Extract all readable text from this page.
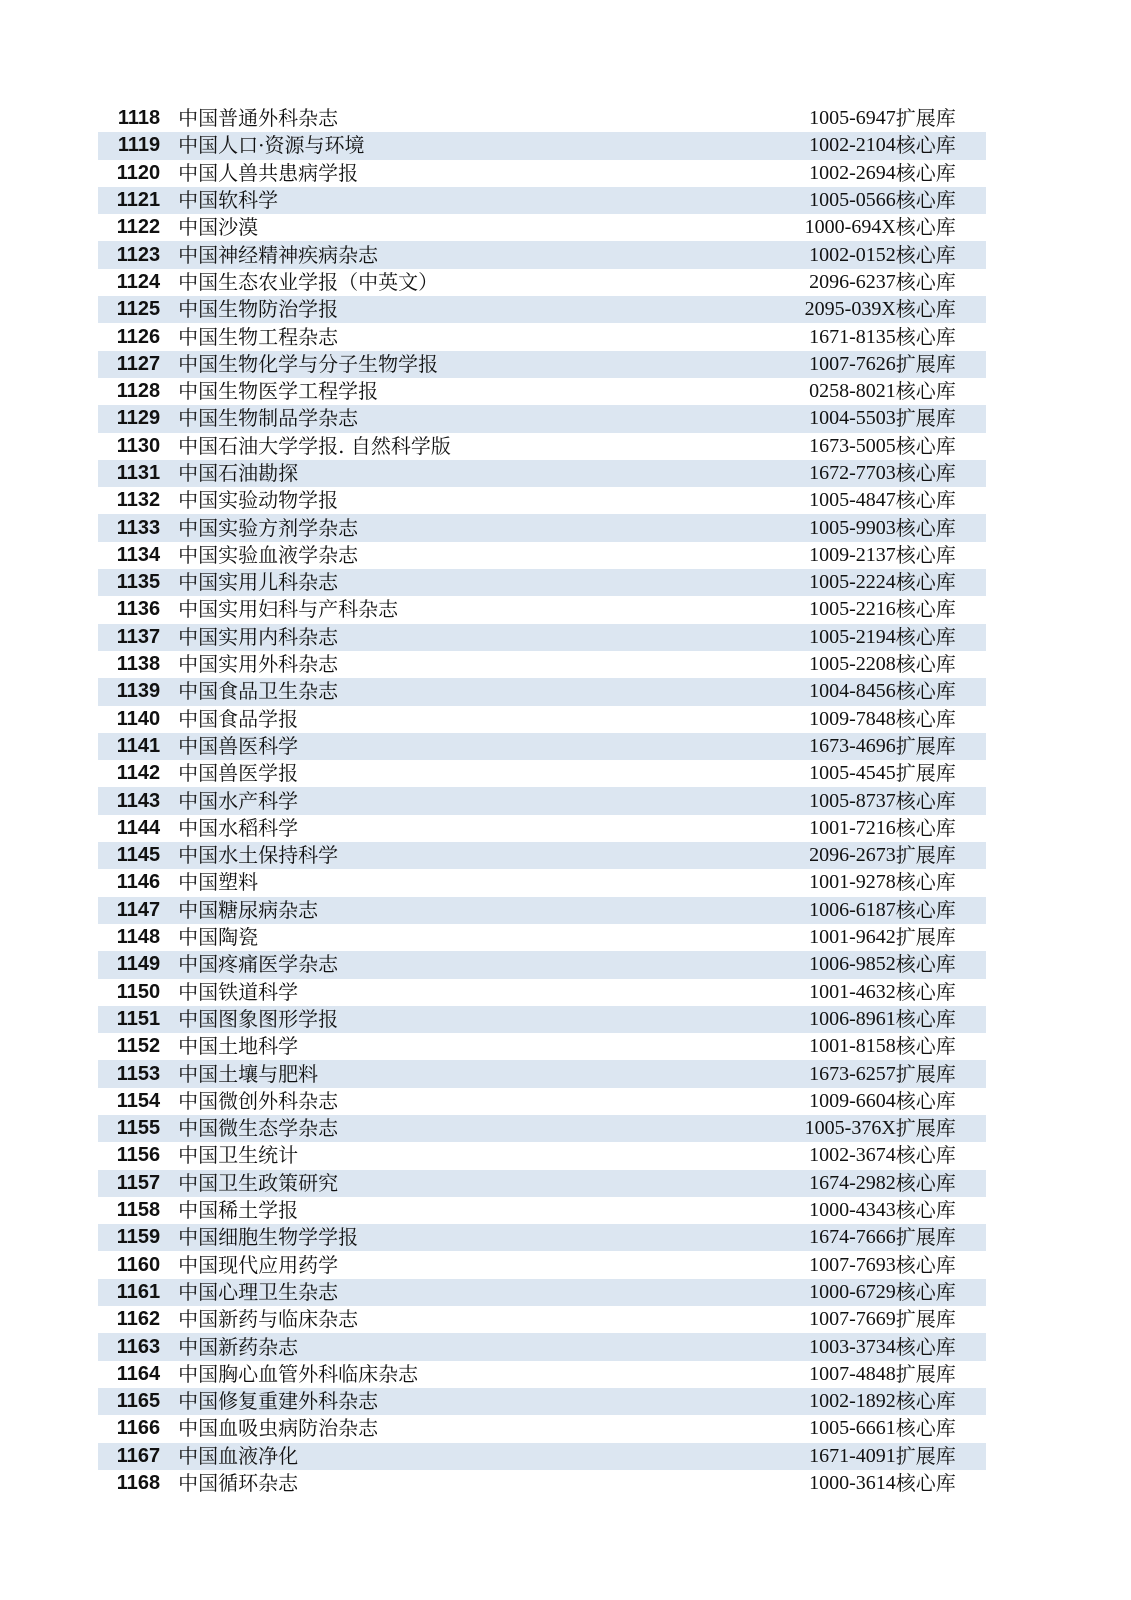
1118	中国普通外科杂志	1005-6947	扩展库
1119	中国人口·资源与环境	1002-2104	核心库
1120	中国人兽共患病学报	1002-2694	核心库
1121	中国软科学	1005-0566	核心库
1122	中国沙漠	1000-694X	核心库
1123	中国神经精神疾病杂志	1002-0152	核心库
1124	中国生态农业学报（中英文）	2096-6237	核心库
1125	中国生物防治学报	2095-039X	核心库
1126	中国生物工程杂志	1671-8135	核心库
1127	中国生物化学与分子生物学报	1007-7626	扩展库
1128	中国生物医学工程学报	0258-8021	核心库
1129	中国生物制品学杂志	1004-5503	扩展库
1130	中国石油大学学报. 自然科学版	1673-5005	核心库
1131	中国石油勘探	1672-7703	核心库
1132	中国实验动物学报	1005-4847	核心库
1133	中国实验方剂学杂志	1005-9903	核心库
1134	中国实验血液学杂志	1009-2137	核心库
1135	中国实用儿科杂志	1005-2224	核心库
1136	中国实用妇科与产科杂志	1005-2216	核心库
1137	中国实用内科杂志	1005-2194	核心库
1138	中国实用外科杂志	1005-2208	核心库
1139	中国食品卫生杂志	1004-8456	核心库
1140	中国食品学报	1009-7848	核心库
1141	中国兽医科学	1673-4696	扩展库
1142	中国兽医学报	1005-4545	扩展库
1143	中国水产科学	1005-8737	核心库
1144	中国水稻科学	1001-7216	核心库
1145	中国水土保持科学	2096-2673	扩展库
1146	中国塑料	1001-9278	核心库
1147	中国糖尿病杂志	1006-6187	核心库
1148	中国陶瓷	1001-9642	扩展库
1149	中国疼痛医学杂志	1006-9852	核心库
1150	中国铁道科学	1001-4632	核心库
1151	中国图象图形学报	1006-8961	核心库
1152	中国土地科学	1001-8158	核心库
1153	中国土壤与肥料	1673-6257	扩展库
1154	中国微创外科杂志	1009-6604	核心库
1155	中国微生态学杂志	1005-376X	扩展库
1156	中国卫生统计	1002-3674	核心库
1157	中国卫生政策研究	1674-2982	核心库
1158	中国稀土学报	1000-4343	核心库
1159	中国细胞生物学学报	1674-7666	扩展库
1160	中国现代应用药学	1007-7693	核心库
1161	中国心理卫生杂志	1000-6729	核心库
1162	中国新药与临床杂志	1007-7669	扩展库
1163	中国新药杂志	1003-3734	核心库
1164	中国胸心血管外科临床杂志	1007-4848	扩展库
1165	中国修复重建外科杂志	1002-1892	核心库
1166	中国血吸虫病防治杂志	1005-6661	核心库
1167	中国血液净化	1671-4091	扩展库
1168	中国循环杂志	1000-3614	核心库
